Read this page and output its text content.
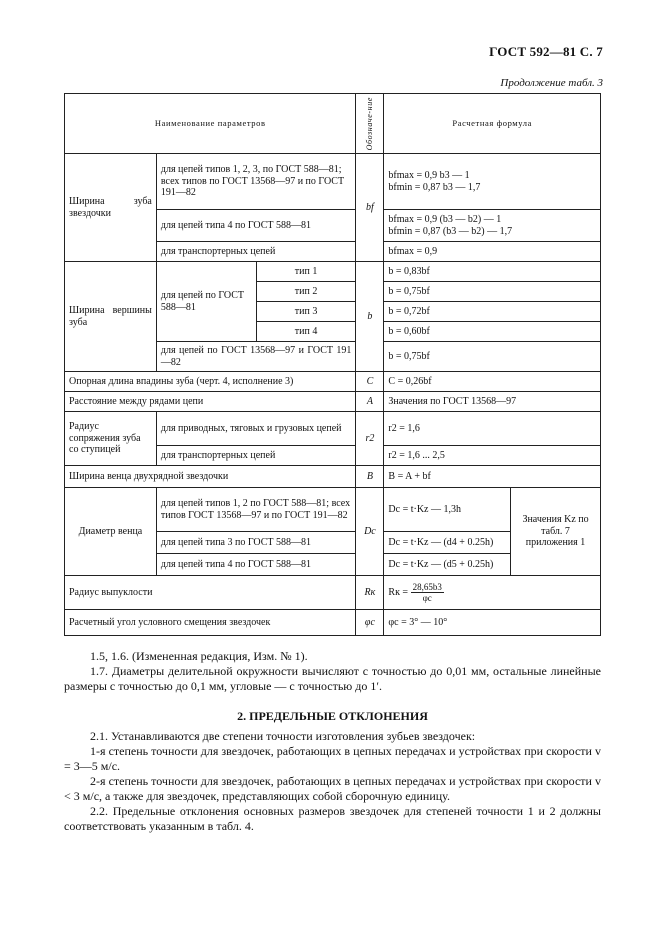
ГОСТ 592—81 С. 7
Продолжение табл. 3
Наименование параметров			Обозначе-ние	Расчетная формула	
Ширина зуба звездочки	для цепей типов 1, 2, 3, по ГОСТ 588—81; всех типов по ГОСТ 13568—97 и по ГОСТ 191—82		bf	bfmax = 0,9 b3 — 1
bfmin = 0,87 b3 — 1,7	

	для цепей типа 4 по ГОСТ 588—81			bfmax = 0,9 (b3 — b2) — 1
bfmin = 0,87 (b3 — b2) — 1,7	

	для транспортерных цепей			bfmax = 0,9	
Ширина вершины зуба	для цепей по ГОСТ 588—81	тип 1	b	b = 0,83bf	
		тип 2		b = 0,75bf	
		тип 3		b = 0,72bf	
		тип 4		b = 0,60bf	
	для цепей по ГОСТ 13568—97 и ГОСТ 191—82			b = 0,75bf	
Опорная длина впадины зуба (черт. 4, исполнение 3)			C	C = 0,26bf	
Расстояние между рядами цепи			A	Значения по ГОСТ 13568—97	
Радиус сопряжения зуба со ступицей	для приводных, тяговых и грузовых цепей		r2	r2 = 1,6	
	для транспортерных цепей			r2 = 1,6 ... 2,5	
Ширина венца двухрядной звездочки			B	B = A + bf	
Диаметр венца	для цепей типов 1, 2 по ГОСТ 588—81; всех типов ГОСТ 13568—97 и по ГОСТ 191—82		Dc	Dc = t·Kz — 1,3h	Значения Kz по табл. 7 приложения 1
	для цепей типа 3 по ГОСТ 588—81			Dc = t·Kz — (d4 + 0.25h)	
	для цепей типа 4 по ГОСТ 588—81			Dc = t·Kz — (d5 + 0.25h)	
Радиус выпуклости			Rк	Rк = $\frac{28,65b3}{\varphi c}$

Расчетный угол условного смещения звездочек			φc	φc = 3° — 10°	

1.5, 1.6. (Измененная редакция, Изм. № 1).

1.7. Диаметры делительной окружности вычисляют с точностью до 0,01 мм, остальные линейные размеры с точностью до 0,1 мм, угловые — с точностью до 1′.

2. ПРЕДЕЛЬНЫЕ ОТКЛОНЕНИЯ

2.1. Устанавливаются две степени точности изготовления зубьев звездочек:

1-я степень точности для звездочек, работающих в цепных передачах и устройствах при скорости v = 3—5 м/с.

2-я степень точности для звездочек, работающих в цепных передачах и устройствах при скорости v < 3 м/с, а также для звездочек, представляющих собой сборочную единицу.

2.2. Предельные отклонения основных размеров звездочек для степеней точности 1 и 2 должны соответствовать указанным в табл. 4.
